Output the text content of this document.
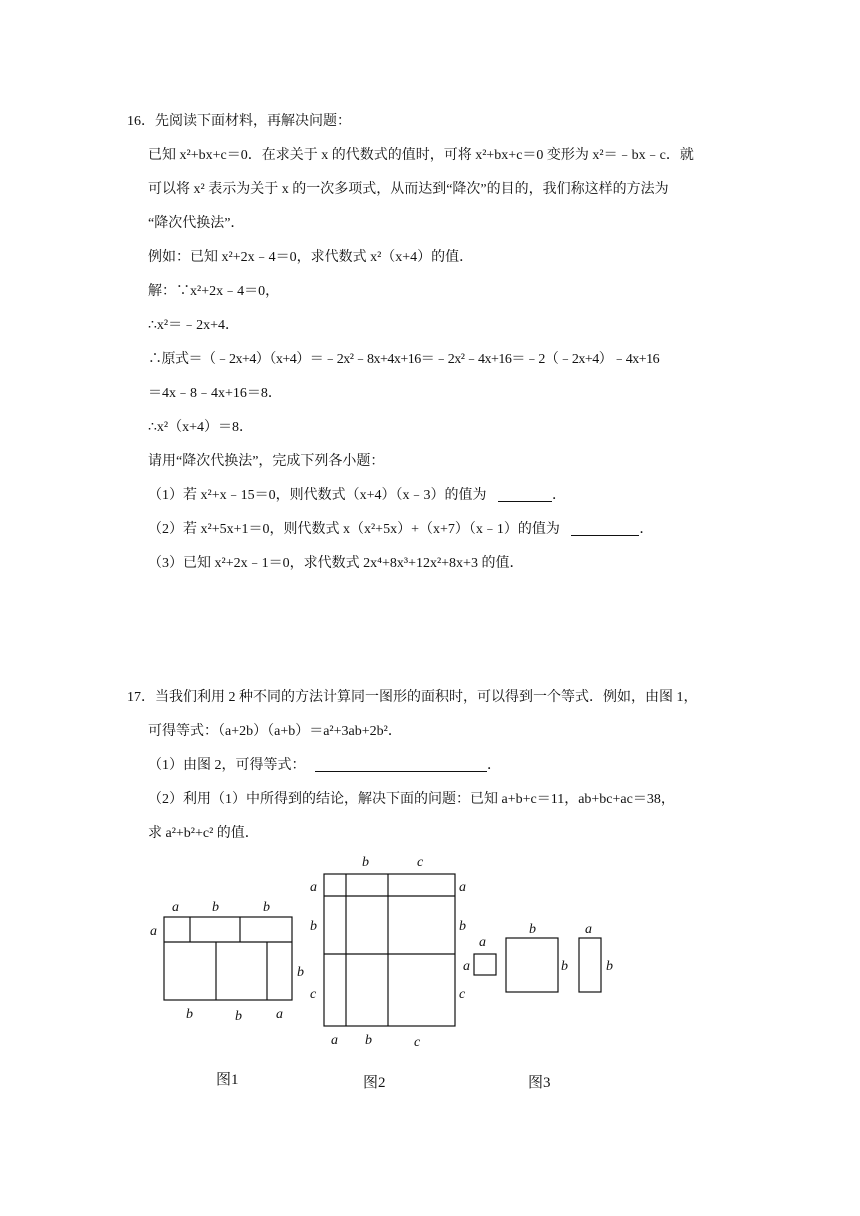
16．先阅读下面材料，再解决问题：
已知 x²+bx+c＝0．在求关于 x 的代数式的值时，可将 x²+bx+c＝0 变形为 x²＝﹣bx﹣c．就
可以将 x² 表示为关于 x 的一次多项式，从而达到“降次”的目的，我们称这样的方法为
“降次代换法”．
例如：已知 x²+2x﹣4＝0，求代数式 x²（x+4）的值．
解：∵x²+2x﹣4＝0，
∴x²＝﹣2x+4．
∴原式＝（﹣2x+4）（x+4）＝﹣2x²﹣8x+4x+16＝﹣2x²﹣4x+16＝﹣2（﹣2x+4）﹣4x+16
＝4x﹣8﹣4x+16＝8．
∴x²（x+4）＝8．
请用“降次代换法”，完成下列各小题：
（1）若 x²+x﹣15＝0，则代数式（x+4）（x﹣3）的值为	．
（2）若 x²+5x+1＝0，则代数式 x（x²+5x）+（x+7）（x﹣1）的值为	．
（3）已知 x²+2x﹣1＝0，求代数式 2x⁴+8x³+12x²+8x+3 的值．
17．当我们利用 2 种不同的方法计算同一图形的面积时，可以得到一个等式．例如，由图 1，
可得等式：（a+2b）（a+b）＝a²+3ab+2b²．
（1）由图 2，可得等式：	．
（2）利用（1）中所得到的结论，解决下面的问题：已知 a+b+c＝11，ab+bc+ac＝38，
求 a²+b²+c² 的值．
a b	b
a
b
b	b a
图1
b	c
a
b
c
a
b
c
a b	c
图2
a
a
b
b
a
b
图3
